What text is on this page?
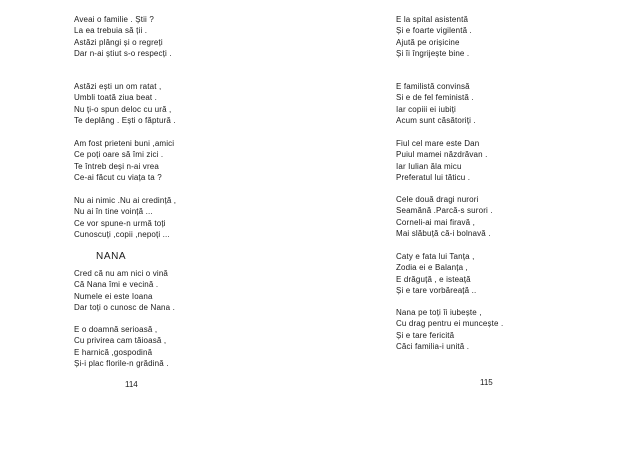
Aveai o familie . Știi ?
La ea trebuia să ții .
Astăzi plângi și o regreți
Dar n-ai știut s-o respecți .
Astăzi ești un om ratat ,
Umbli toată ziua beat .
Nu ți-o spun deloc cu ură ,
Te deplâng . Ești o făptură .
Am fost prieteni buni ,amici
Ce poți oare să îmi zici .
Te întreb deși n-ai vrea
Ce-ai făcut cu viața ta ?
Nu ai nimic .Nu ai credință ,
Nu ai în tine voință ...
Ce vor spune-n urmă toți
Cunoscuți ,copii ,nepoți ...
NANA
Cred că nu am nici o vină
Că Nana îmi e vecină .
Numele ei este Ioana
Dar toți o cunosc de Nana .
E o doamnă serioasă ,
Cu privirea cam tăioasă ,
E harnică ,gospodină
Și-i plac florile-n grădină .
114
E la spital asistentă
Și e foarte vigilentă .
Ajută pe orișicine
Și îi îngrijește bine .
E familistă convinsă
Si e de fel feministă .
Iar copiii ei iubiți
Acum sunt căsătoriți .
Fiul cel mare este Dan
Puiul mamei năzdrăvan .
Iar Iulian ăla micu
Preferatul lui tăticu .
Cele două dragi nurori
Seamănă .Parcă-s surori .
Corneli-ai mai firavă ,
Mai slăbuță că-i bolnavă .
Caty e fata lui Tanța ,
Zodia ei e Balanța ,
E drăguță , e isteață
Și e tare vorbăreață ..
Nana pe toți îi iubește ,
Cu drag pentru ei muncește .
Și e tare fericită
Căci familia-i unită .
115
